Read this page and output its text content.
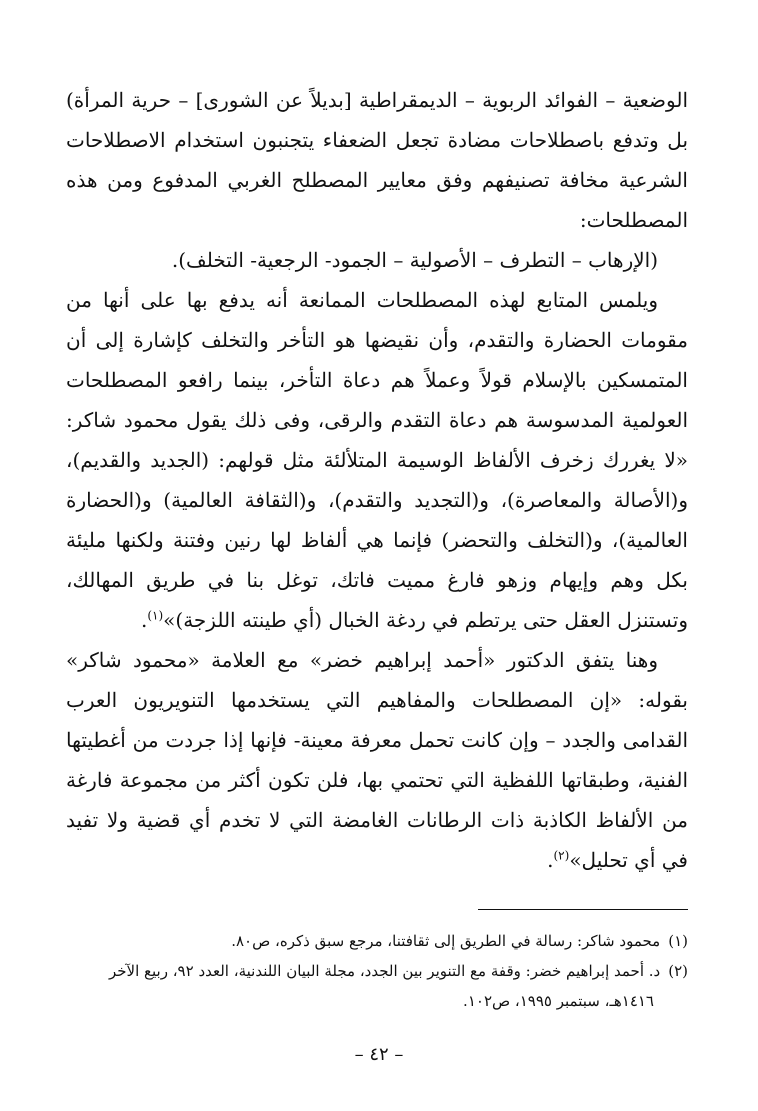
الوضعية – الفوائد الربوية – الديمقراطية [بديلاً عن الشورى] – حرية المرأة) بل وتدفع باصطلاحات مضادة تجعل الضعفاء يتجنبون استخدام الاصطلاحات الشرعية مخافة تصنيفهم وفق معايير المصطلح الغربي المدفوع ومن هذه المصطلحات:

(الإرهاب – التطرف – الأصولية – الجمود- الرجعية- التخلف).

ويلمس المتابع لهذه المصطلحات الممانعة أنه يدفع بها على أنها من مقومات الحضارة والتقدم، وأن نقيضها هو التأخر والتخلف كإشارة إلى أن المتمسكين بالإسلام قولاً وعملاً هم دعاة التأخر، بينما رافعو المصطلحات العولمية المدسوسة هم دعاة التقدم والرقى، وفى ذلك يقول محمود شاكر: «لا يغررك زخرف الألفاظ الوسيمة المتلألئة مثل قولهم: (الجديد والقديم)، و(الأصالة والمعاصرة)، و(التجديد والتقدم)، و(الثقافة العالمية) و(الحضارة العالمية)، و(التخلف والتحضر) فإنما هي ألفاظ لها رنين وفتنة ولكنها مليئة بكل وهم وإيهام وزهو فارغ مميت فاتك، توغل بنا في طريق المهالك، وتستنزل العقل حتى يرتطم في ردغة الخبال (أي طينته اللزجة)»$^{(١)}$.

وهنا يتفق الدكتور «أحمد إبراهيم خضر» مع العلامة «محمود شاكر» بقوله: «إن المصطلحات والمفاهيم التي يستخدمها التنويريون العرب القدامى والجدد – وإن كانت تحمل معرفة معينة- فإنها إذا جردت من أغطيتها الفنية، وطبقاتها اللفظية التي تحتمي بها، فلن تكون أكثر من مجموعة فارغة من الألفاظ الكاذبة ذات الرطانات الغامضة التي لا تخدم أي قضية ولا تفيد في أي تحليل»$^{(٢)}$.

(١)محمود شاكر: رسالة في الطريق إلى ثقافتنا، مرجع سبق ذكره، ص٨٠.

(٢)د. أحمد إبراهيم خضر: وقفة مع التنوير بين الجدد، مجلة البيان اللندنية، العدد ٩٢، ربيع الآخر

١٤١٦هـ، سبتمبر ١٩٩٥، ص١٠٢.

– ٤٢ –
